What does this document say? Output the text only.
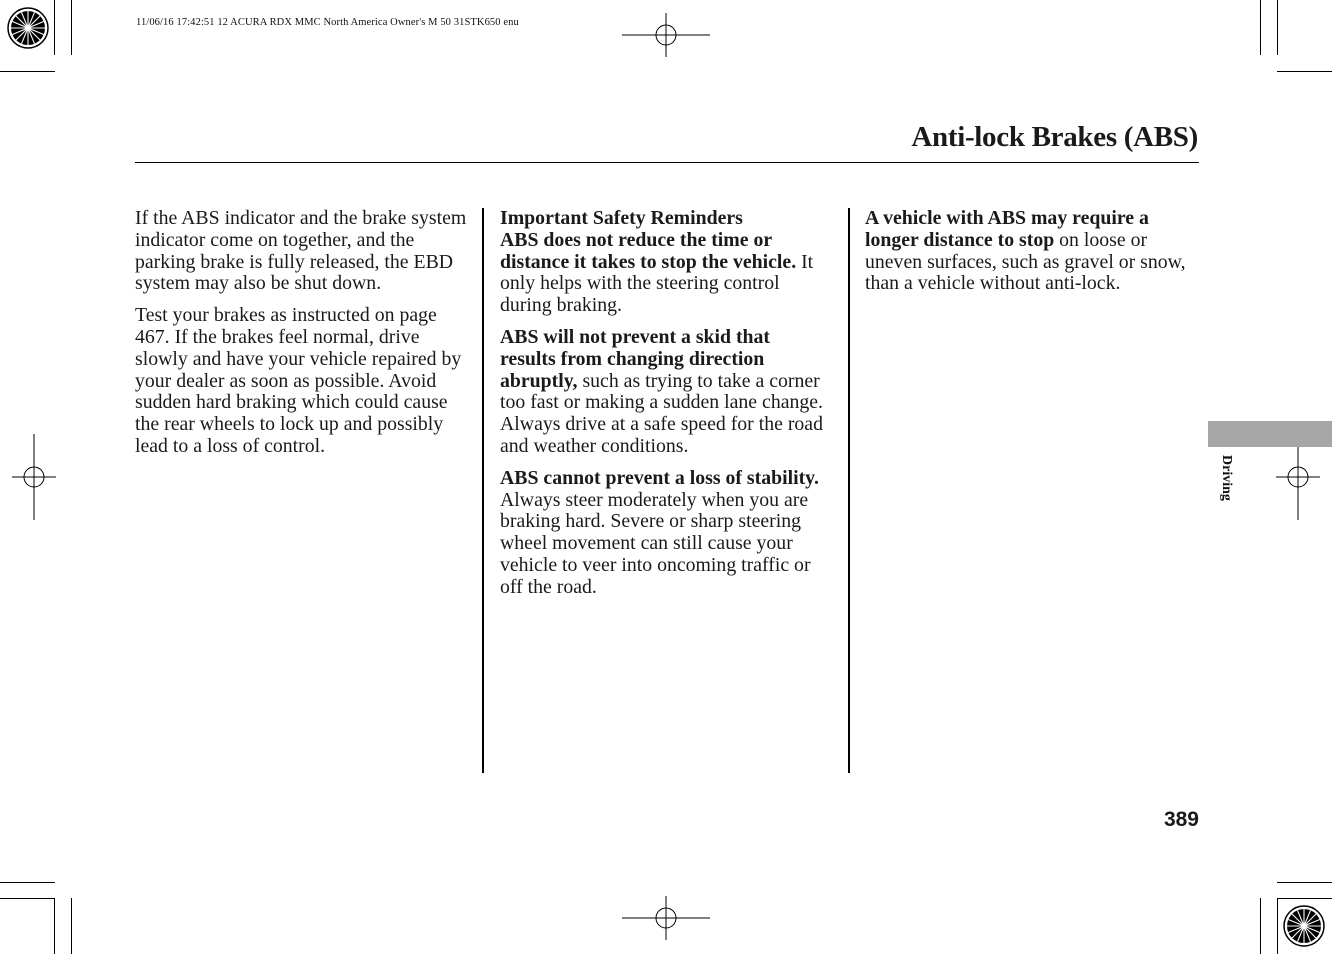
11/06/16 17:42:51 12 ACURA RDX MMC North America Owner's M 50 31STK650 enu
Anti-lock Brakes (ABS)

If the ABS indicator and the brake system indicator come on together, and the parking brake is fully released, the EBD system may also be shut down.

Test your brakes as instructed on page 467. If the brakes feel normal, drive slowly and have your vehicle repaired by your dealer as soon as possible. Avoid sudden hard braking which could cause the rear wheels to lock up and possibly lead to a loss of control.

Important Safety Reminders
ABS does not reduce the time or distance it takes to stop the vehicle. It only helps with the steering control during braking.

ABS will not prevent a skid that results from changing direction abruptly, such as trying to take a corner too fast or making a sudden lane change. Always drive at a safe speed for the road and weather conditions.

ABS cannot prevent a loss of stability. Always steer moderately when you are braking hard. Severe or sharp steering wheel movement can still cause your vehicle to veer into oncoming traffic or off the road.

A vehicle with ABS may require a longer distance to stop on loose or uneven surfaces, such as gravel or snow, than a vehicle without anti-lock.

Driving
389
